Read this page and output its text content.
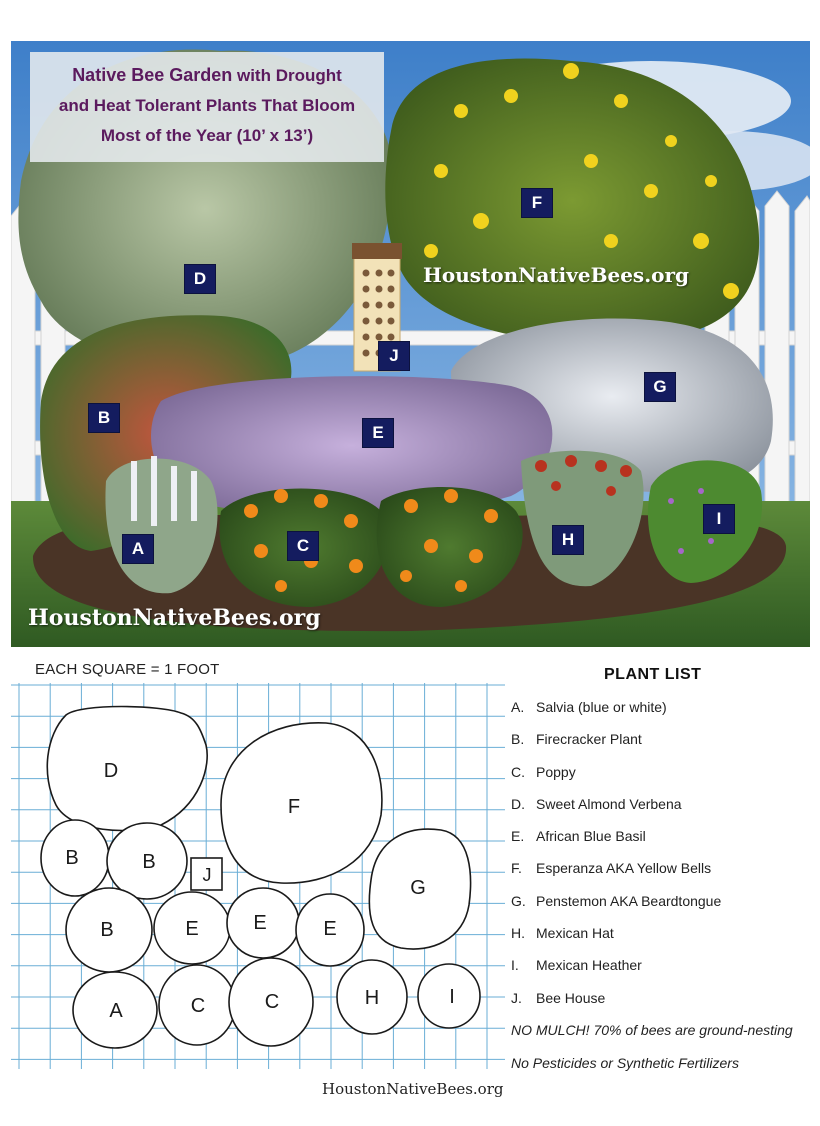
Native Bee Garden with Drought
and Heat Tolerant Plants That Bloom
Most of the Year (10’ x 13’)
HoustonNativeBees.org
HoustonNativeBees.org
D
F
J
G
B
E
A	C	H
I
EACH SQUARE = 1 FOOT
D
F
B	B
B
J
G
E	E	E
A	C	C	H	I
PLANT LIST
A. Salvia (blue or white)
B. Firecracker Plant
C. Poppy
D. Sweet Almond Verbena
E. African Blue Basil
F. Esperanza AKA Yellow Bells
G. Penstemon AKA Beardtongue
H. Mexican Hat
I. Mexican Heather
J. Bee House
NO MULCH! 70% of bees are ground-nesting
No Pesticides or Synthetic Fertilizers
HoustonNativeBees.org
